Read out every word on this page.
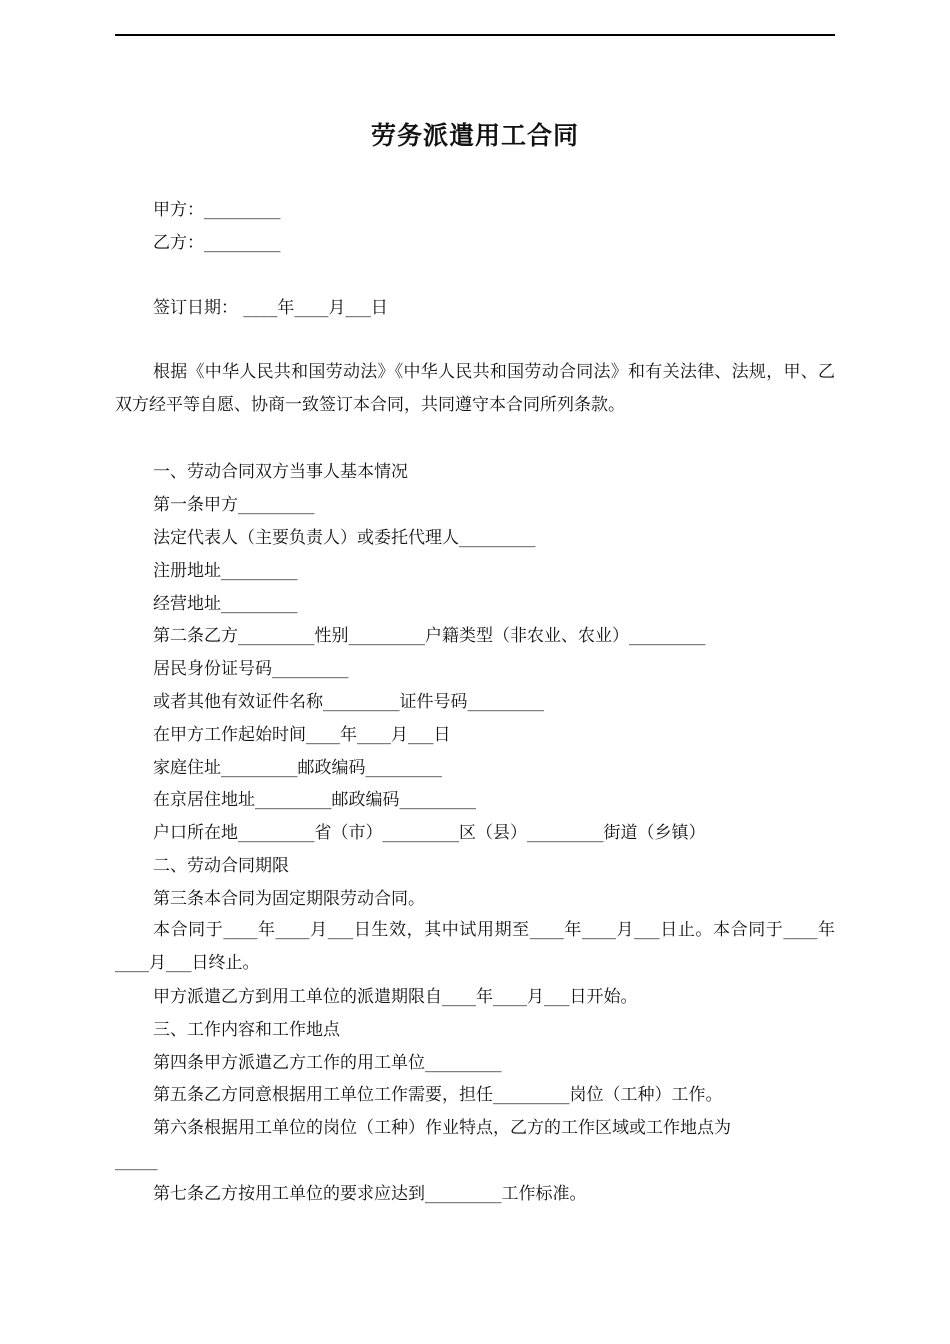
劳务派遣用工合同
甲方：_________
乙方：_________
签订日期： ____年____月___日
根据《中华人民共和国劳动法》《中华人民共和国劳动合同法》和有关法律、法规，甲、乙双方经平等自愿、协商一致签订本合同，共同遵守本合同所列条款。
一、劳动合同双方当事人基本情况
第一条甲方_________
法定代表人（主要负责人）或委托代理人_________
注册地址_________
经营地址_________
第二条乙方_________性别_________户籍类型（非农业、农业）_________
居民身份证号码_________
或者其他有效证件名称_________证件号码_________
在甲方工作起始时间____年____月___日
家庭住址_________邮政编码_________
在京居住地址_________邮政编码_________
户口所在地_________省（市）_________区（县）_________街道（乡镇）
二、劳动合同期限
第三条本合同为固定期限劳动合同。
本合同于____年____月___日生效，其中试用期至____年____月___日止。本合同于____年____月___日终止。
甲方派遣乙方到用工单位的派遣期限自____年____月___日开始。
三、工作内容和工作地点
第四条甲方派遣乙方工作的用工单位_________
第五条乙方同意根据用工单位工作需要，担任_________岗位（工种）工作。
第六条根据用工单位的岗位（工种）作业特点，乙方的工作区域或工作地点为
_____
第七条乙方按用工单位的要求应达到_________工作标准。
